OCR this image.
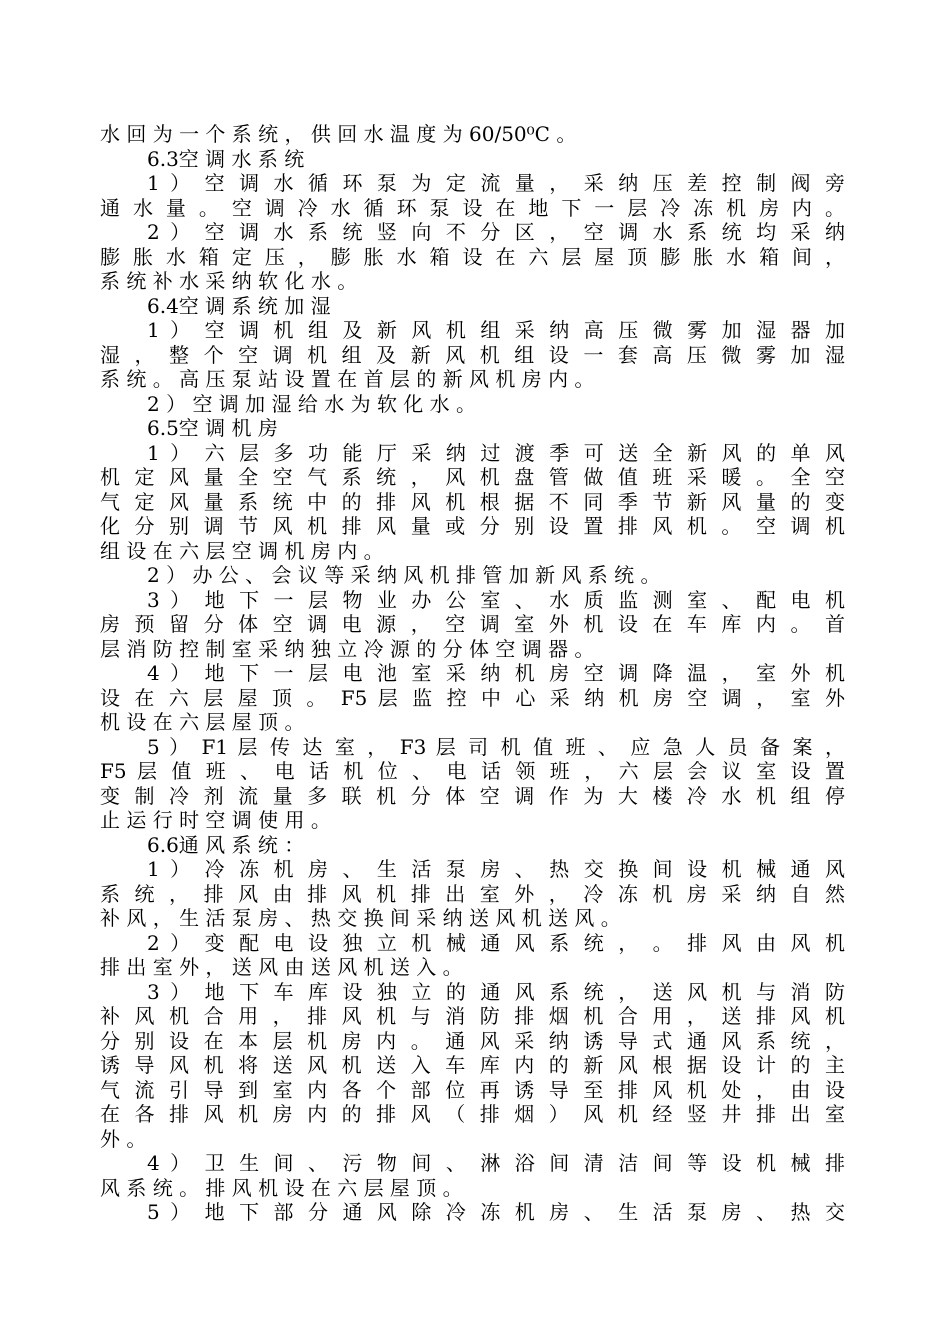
水 回 为 一 个 系 统 ， 供 回 水 温 度 为 60/50⁰C 。
6.3空 调 水 系 统
1 ） 空 调 水 循 环 泵 为 定 流 量 ， 采 纳 压 差 控 制 阀 旁
通 水 量 。 空 调 冷 水 循 环 泵 设 在 地 下 一 层 冷 冻 机 房 内 。
2 ） 空 调 水 系 统 竖 向 不 分 区 ， 空 调 水 系 统 均 采 纳
膨 胀 水 箱 定 压 ， 膨 胀 水 箱 设 在 六 层 屋 顶 膨 胀 水 箱 间 ，
系 统 补 水 采 纳 软 化 水 。
6.4空 调 系 统 加 湿
1 ） 空 调 机 组 及 新 风 机 组 采 纳 高 压 微 雾 加 湿 器 加
湿 ， 整 个 空 调 机 组 及 新 风 机 组 设 一 套 高 压 微 雾 加 湿
系 统 。 高 压 泵 站 设 置 在 首 层 的 新 风 机 房 内 。
2 ） 空 调 加 湿 给 水 为 软 化 水 。
6.5空 调 机 房
1 ） 六 层 多 功 能 厅 采 纳 过 渡 季 可 送 全 新 风 的 单 风
机 定 风 量 全 空 气 系 统 ， 风 机 盘 管 做 值 班 采 暖 。 全 空
气 定 风 量 系 统 中 的 排 风 机 根 据 不 同 季 节 新 风 量 的 变
化 分 别 调 节 风 机 排 风 量 或 分 别 设 置 排 风 机 。 空 调 机
组 设 在 六 层 空 调 机 房 内 。
2 ） 办 公 、 会 议 等 采 纳 风 机 排 管 加 新 风 系 统 。
3 ） 地 下 一 层 物 业 办 公 室 、 水 质 监 测 室 、 配 电 机
房 预 留 分 体 空 调 电 源 ， 空 调 室 外 机 设 在 车 库 内 。 首
层 消 防 控 制 室 采 纳 独 立 冷 源 的 分 体 空 调 器 。
4 ） 地 下 一 层 电 池 室 采 纳 机 房 空 调 降 温 ， 室 外 机
设 在 六 层 屋 顶 。 F5 层 监 控 中 心 采 纳 机 房 空 调 ， 室 外
机 设 在 六 层 屋 顶 。
5 ） F1 层 传 达 室 ， F3 层 司 机 值 班 、 应 急 人 员 备 案 ，
F5 层 值 班 、 电 话 机 位 、 电 话 领 班 ， 六 层 会 议 室 设 置
变 制 冷 剂 流 量 多 联 机 分 体 空 调 作 为 大 楼 冷 水 机 组 停
止 运 行 时 空 调 使 用 。
6.6通 风 系 统 ：
1 ） 冷 冻 机 房 、 生 活 泵 房 、 热 交 换 间 设 机 械 通 风
系 统 ， 排 风 由 排 风 机 排 出 室 外 ， 冷 冻 机 房 采 纳 自 然
补 风 ， 生 活 泵 房 、 热 交 换 间 采 纳 送 风 机 送 风 。
2 ） 变 配 电 设 独 立 机 械 通 风 系 统 ， 。 排 风 由 风 机
排 出 室 外 ， 送 风 由 送 风 机 送 入 。
3 ） 地 下 车 库 设 独 立 的 通 风 系 统 ， 送 风 机 与 消 防
补 风 机 合 用 ， 排 风 机 与 消 防 排 烟 机 合 用 ， 送 排 风 机
分 别 设 在 本 层 机 房 内 。 通 风 采 纳 诱 导 式 通 风 系 统 ，
诱 导 风 机 将 送 风 机 送 入 车 库 内 的 新 风 根 据 设 计 的 主
气 流 引 导 到 室 内 各 个 部 位 再 诱 导 至 排 风 机 处 ， 由 设
在 各 排 风 机 房 内 的 排 风 （ 排 烟 ） 风 机 经 竖 井 排 出 室
外 。
4 ） 卫 生 间 、 污 物 间 、 淋 浴 间 清 洁 间 等 设 机 械 排
风 系 统 。 排 风 机 设 在 六 层 屋 顶 。
5 ） 地 下 部 分 通 风 除 冷 冻 机 房 、 生 活 泵 房 、 热 交
